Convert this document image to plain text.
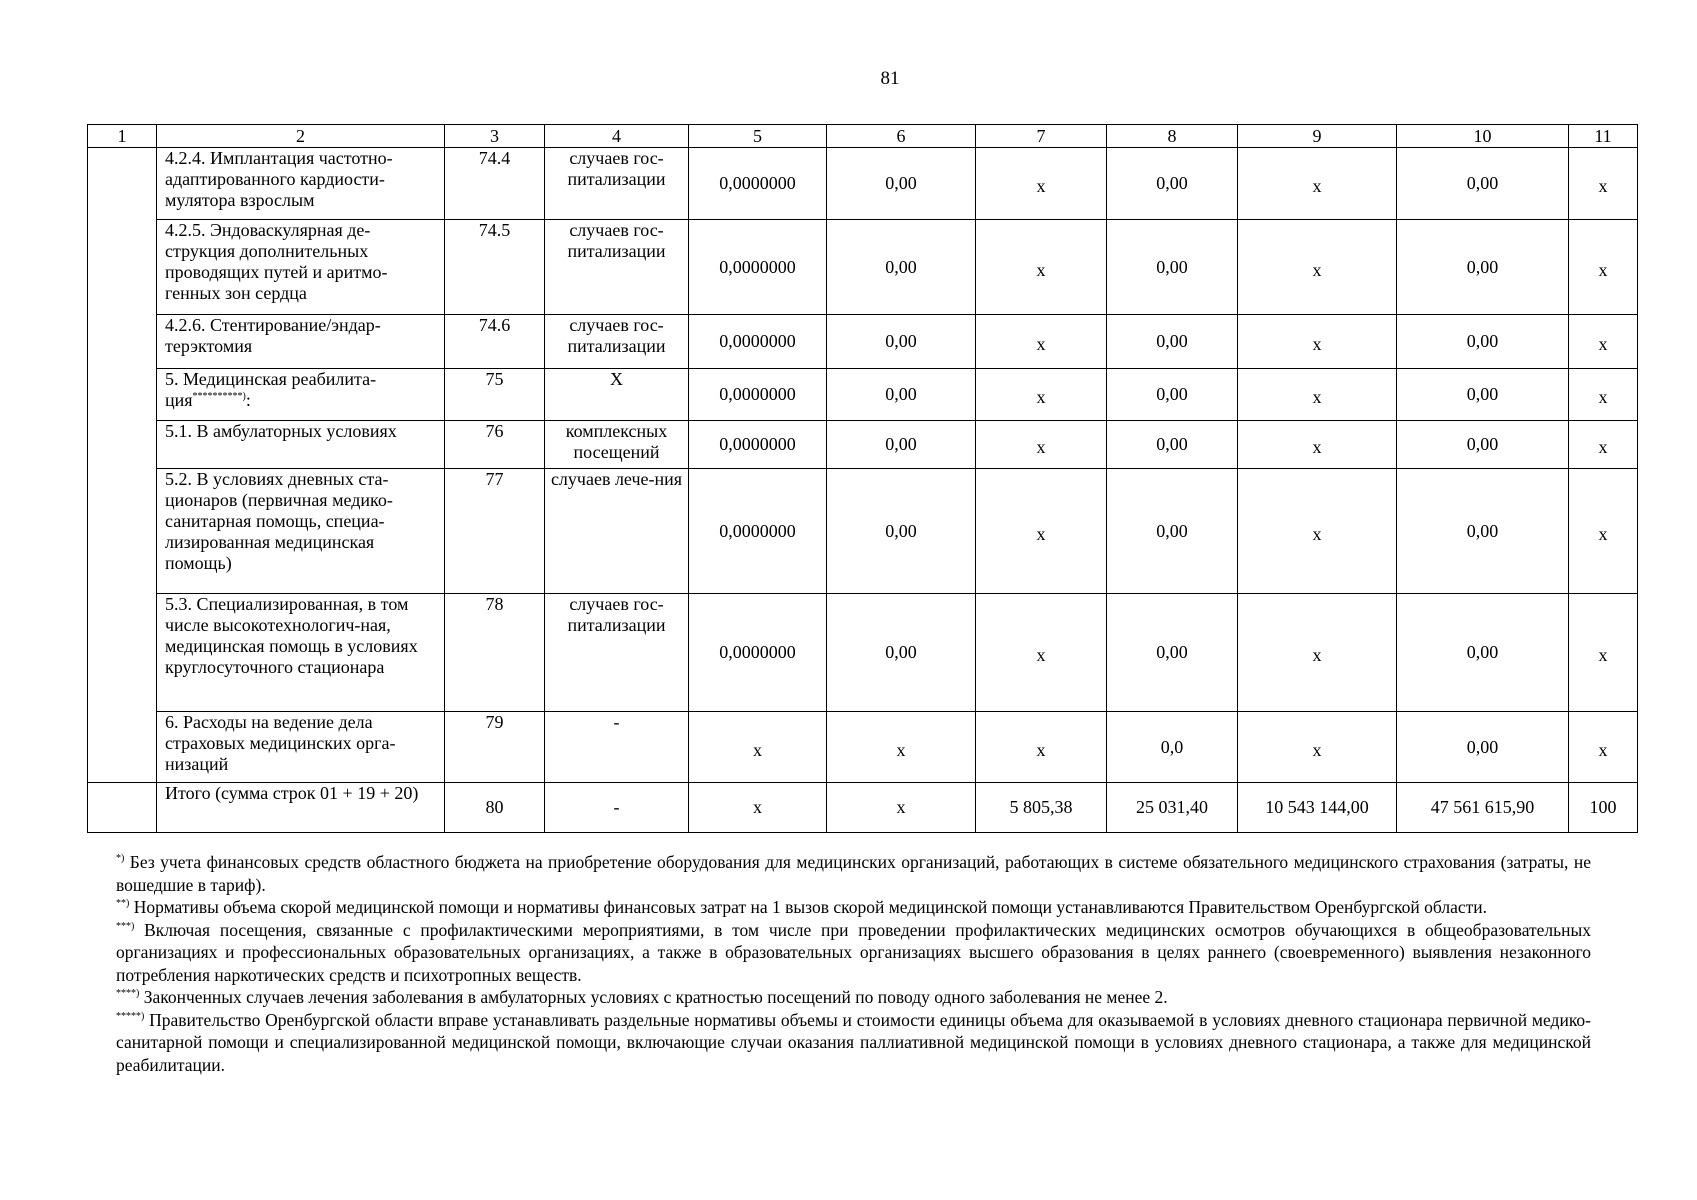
81
1	2	3	4	5	6	7	8	9	10	11
	4.2.4. Имплантация частотно-адаптированного кардиости-мулятора взрослым	74.4	случаев гос-питализации	0,0000000	0,00	x	0,00	x	0,00	x
	4.2.5. Эндоваскулярная де-струкция дополнительных проводящих путей и аритмо-генных зон сердца	74.5	случаев гос-питализации	0,0000000	0,00	x	0,00	x	0,00	x
	4.2.6. Стентирование/эндар-терэктомия	74.6	случаев гос-питализации	0,0000000	0,00	x	0,00	x	0,00	x
	5. Медицинская реабилита-ция**********):	75	Х	0,0000000	0,00	x	0,00	x	0,00	x
	5.1. В амбулаторных условиях	76	комплексных посещений	0,0000000	0,00	x	0,00	x	0,00	x
	5.2. В условиях дневных ста-ционаров (первичная медико-санитарная помощь, специа-лизированная медицинская помощь)	77	случаев лече-ния	0,0000000	0,00	x	0,00	x	0,00	x
	5.3. Специализированная, в том числе высокотехнологич-ная, медицинская помощь в условиях круглосуточного стационара	78	случаев гос-питализации	0,0000000	0,00	x	0,00	x	0,00	x
	6. Расходы на ведение дела страховых медицинских орга-низаций	79	-	x	x	x	0,0	x	0,00	x
	Итого (сумма строк 01 + 19 + 20)	80	-	x	x	5 805,38	25 031,40	10 543 144,00	47 561 615,90	100

*) Без учета финансовых средств областного бюджета на приобретение оборудования для медицинских организаций, работающих в системе обязательного медицинского страхования (затраты, не вошедшие в тариф).

**) Нормативы объема скорой медицинской помощи и нормативы финансовых затрат на 1 вызов скорой медицинской помощи устанавливаются Правительством Оренбургской области.

***) Включая посещения, связанные с профилактическими мероприятиями, в том числе при проведении профилактических медицинских осмотров обучающихся в общеобразовательных организациях и профессиональных образовательных организациях, а также в образовательных организациях высшего образования в целях раннего (своевременного) выявления незаконного потребления наркотических средств и психотропных веществ.

****) Законченных случаев лечения заболевания в амбулаторных условиях с кратностью посещений по поводу одного заболевания не менее 2.

*****) Правительство Оренбургской области вправе устанавливать раздельные нормативы объемы и стоимости единицы объема для оказываемой в условиях дневного стационара первичной медико-санитарной помощи и специализированной медицинской помощи, включающие случаи оказания паллиативной медицинской помощи в условиях дневного стационара, а также для медицинской реабилитации.
